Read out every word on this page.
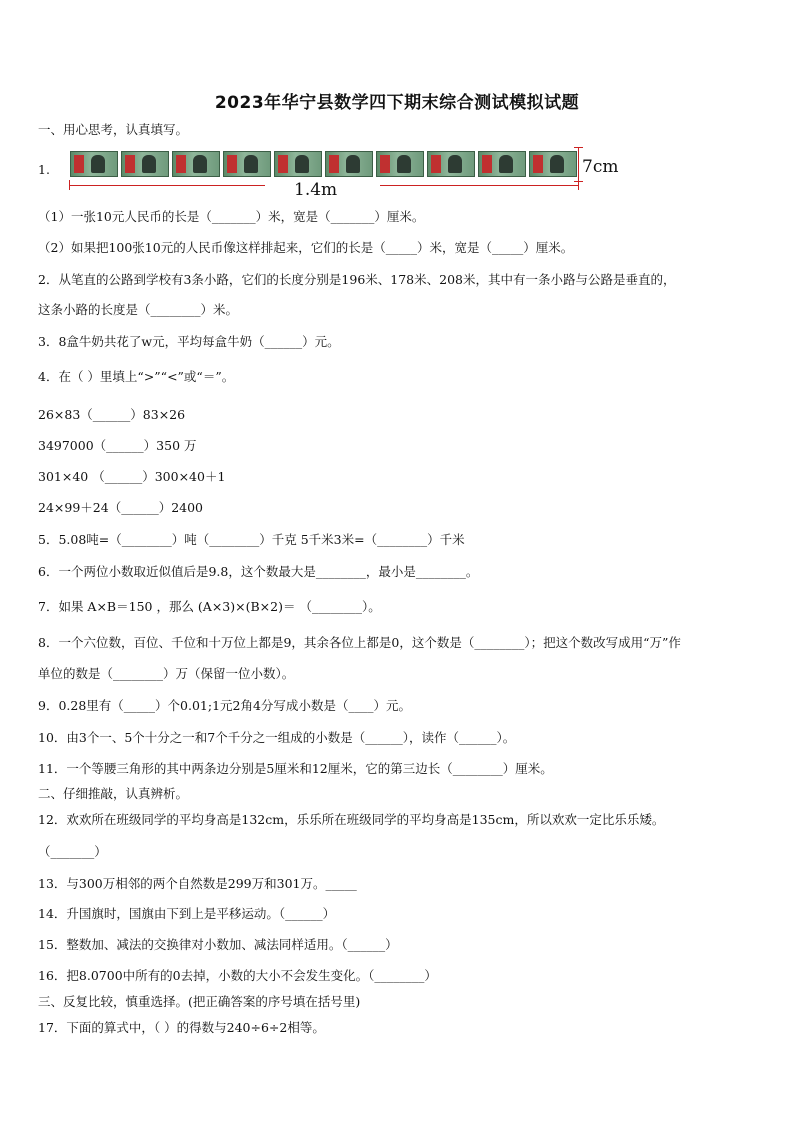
2023年华宁县数学四下期末综合测试模拟试题
一、用心思考，认真填写。
1.	7cm
1.4m
（1）一张10元人民币的长是（_______）米，宽是（_______）厘米。
（2）如果把100张10元的人民币像这样排起来，它们的长是（_____）米，宽是（_____）厘米。
2．从笔直的公路到学校有3条小路，它们的长度分别是196米、178米、208米，其中有一条小路与公路是垂直的，
这条小路的长度是（________）米。
3．8盒牛奶共花了w元，平均每盒牛奶（______）元。
4．在（ ）里填上“>”“<”或“＝”。
26×83（______）83×26
3497000（______）350 万
301×40 （______）300×40＋1
24×99＋24（______）2400
5．5.08吨=（________）吨（________）千克 5千米3米=（________）千米
6．一个两位小数取近似值后是9.8，这个数最大是________，最小是________。
7．如果 A×B＝150 ，那么 (A×3)×(B×2)＝ （________）。
8．一个六位数，百位、千位和十万位上都是9，其余各位上都是0，这个数是（________）；把这个数改写成用“万”作
单位的数是（________）万（保留一位小数）。
9．0.28里有（_____）个0.01;1元2角4分写成小数是（____）元。
10．由3个一、5个十分之一和7个千分之一组成的小数是（______），读作（______）。
11．一个等腰三角形的其中两条边分别是5厘米和12厘米，它的第三边长（________）厘米。
二、仔细推敲，认真辨析。
12．欢欢所在班级同学的平均身高是132cm，乐乐所在班级同学的平均身高是135cm，所以欢欢一定比乐乐矮。
（_______）
13．与300万相邻的两个自然数是299万和301万。_____
14．升国旗时，国旗由下到上是平移运动。（______）
15．整数加、减法的交换律对小数加、减法同样适用。（______）
16．把8.0700中所有的0去掉，小数的大小不会发生变化。（________）
三、反复比较，慎重选择。(把正确答案的序号填在括号里)
17．下面的算式中，（ ）的得数与240÷6÷2相等。
